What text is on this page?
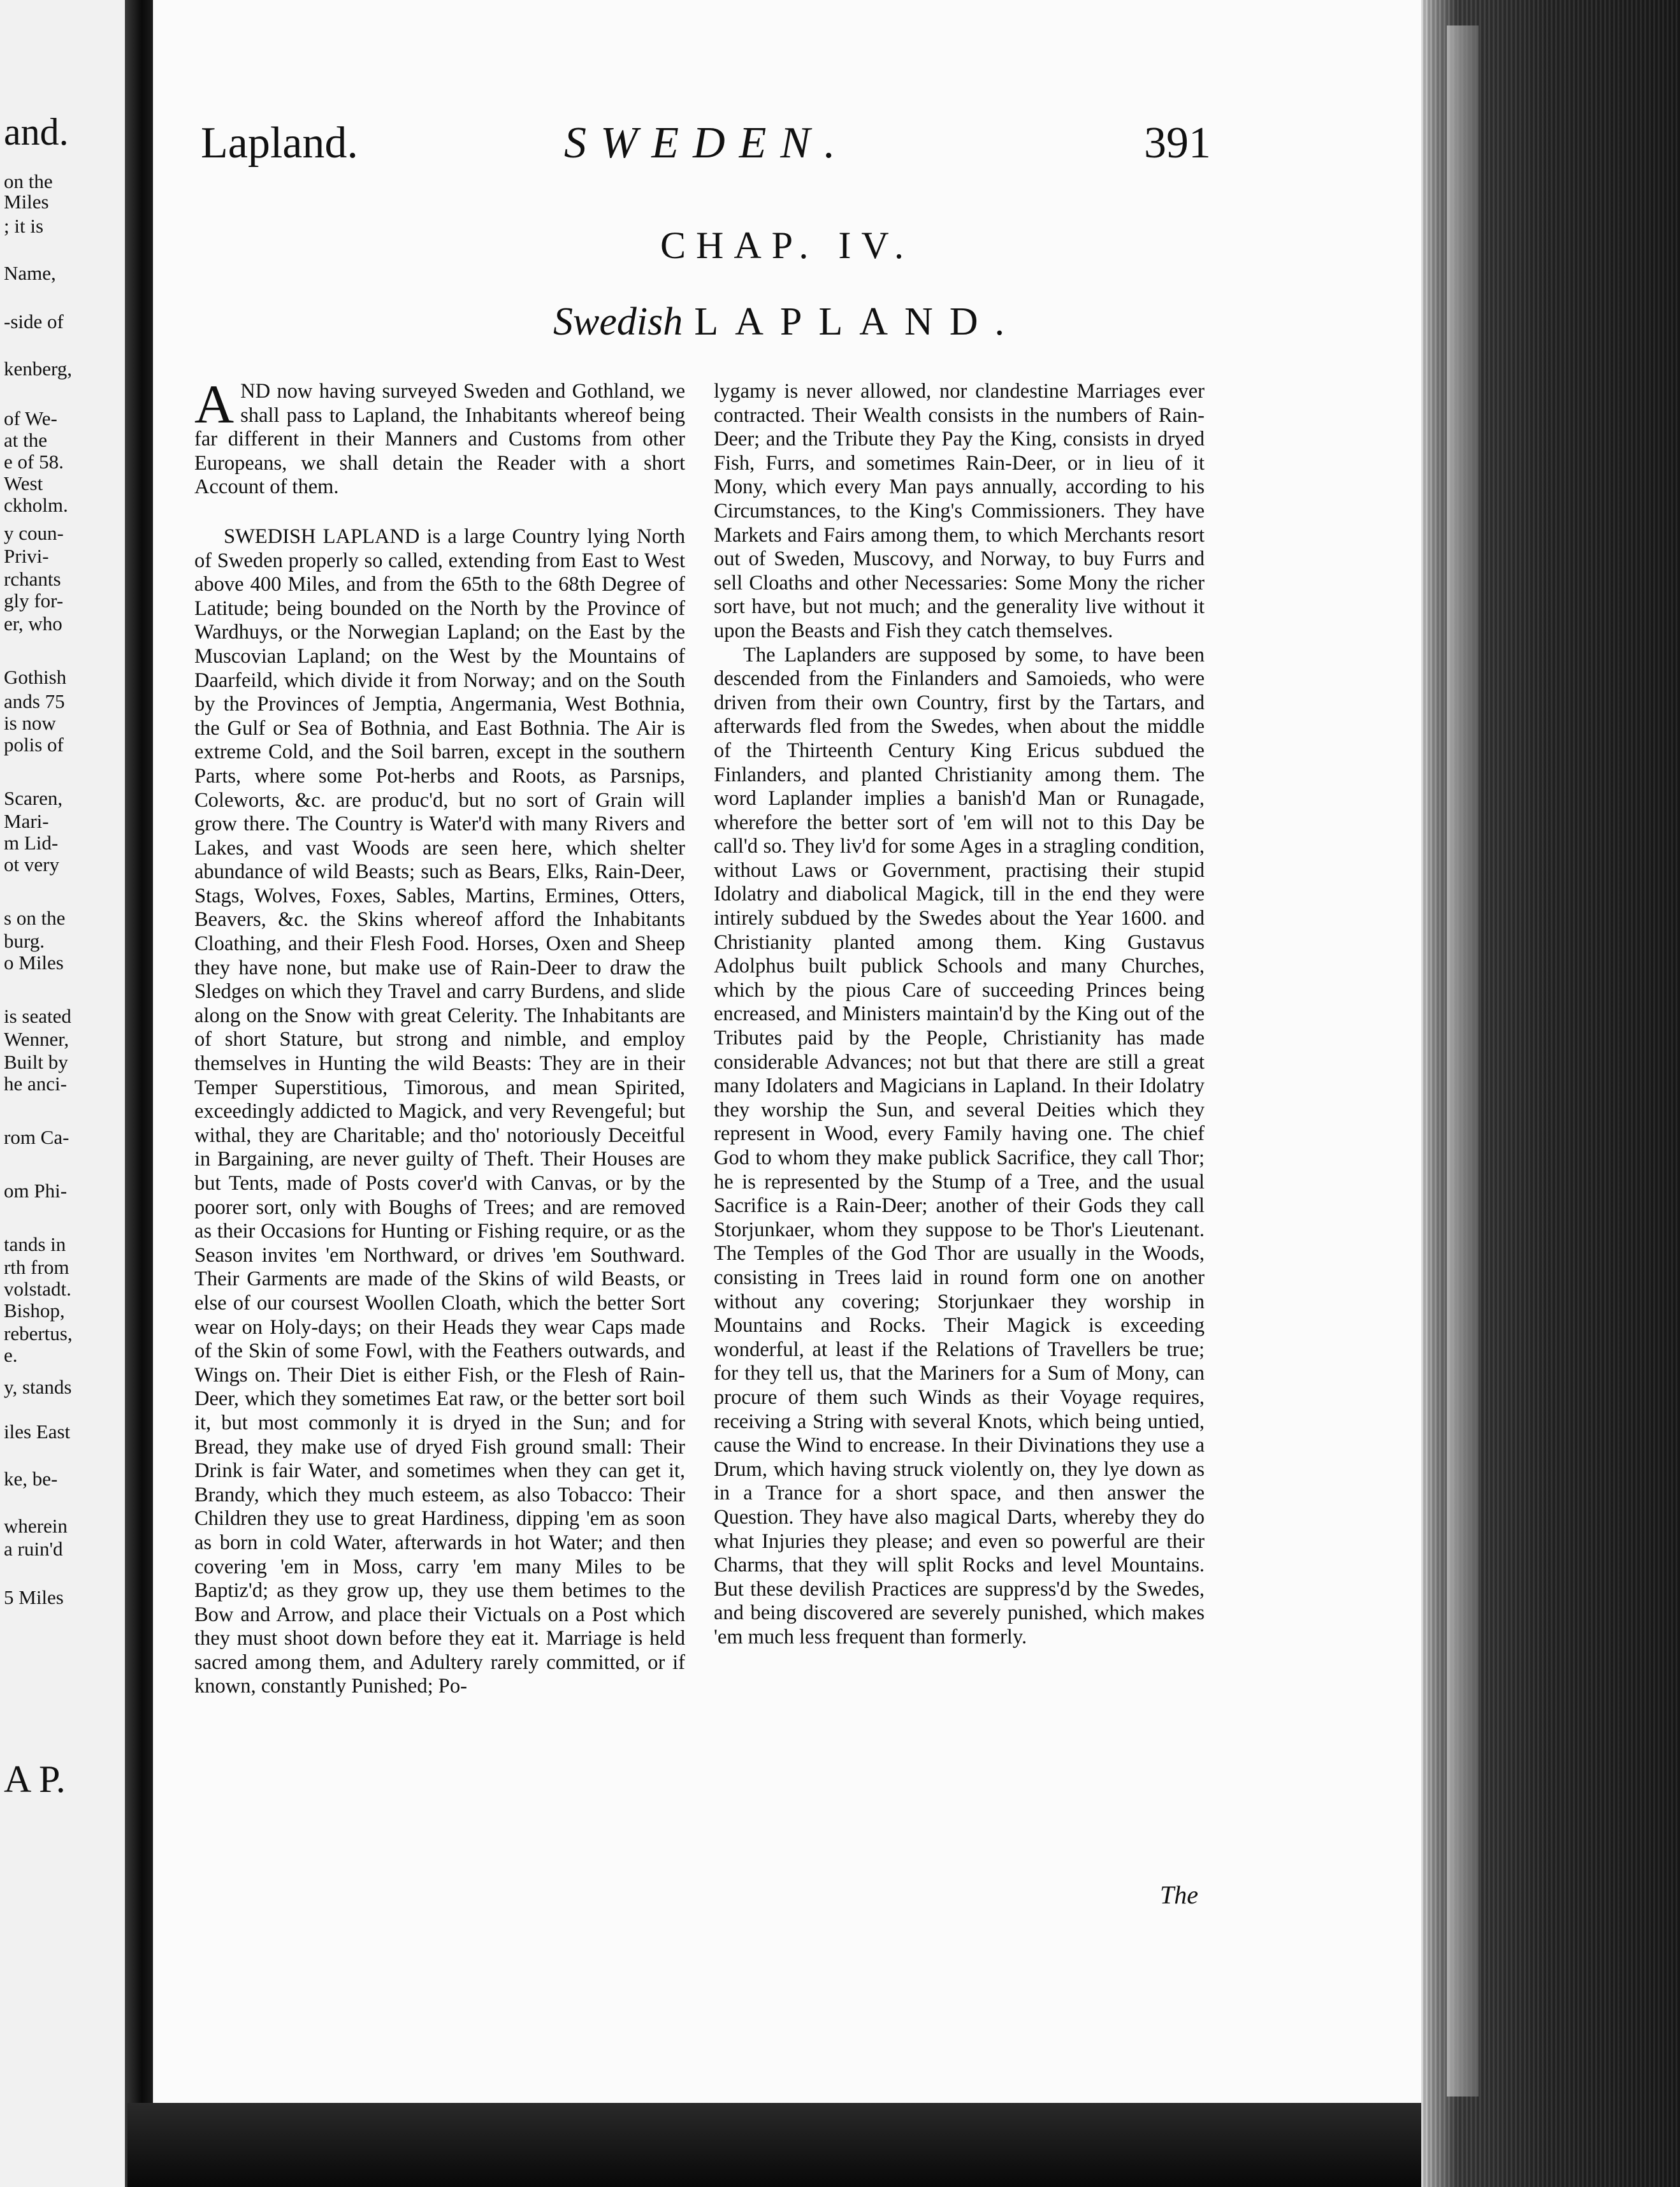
and.
on the
Miles
; it is
Name,
-side of
kenberg,
of We-
at the
e of 58.
West
ckholm.
y coun-
Privi-
rchants
gly for-
er, who
Gothish
ands 75
is now
polis of
Scaren,
Mari-
m Lid-
ot very
s on the
burg.
o Miles
is seated
Wenner,
Built by
he anci-
rom Ca-
om Phi-
tands in
rth from
volstadt.
Bishop,
rebertus,
e.
y, stands
iles East
ke, be-
wherein
a ruin'd
5 Miles
A P.
Lapland.	SWEDEN.	391
CHAP. IV.
Swedish LAPLAND.

AND now having surveyed Sweden and Gothland, we shall pass to Lapland, the Inhabitants whereof being far different in their Manners and Customs from other Europeans, we shall detain the Reader with a short Account of them.

SWEDISH LAPLAND is a large Country lying North of Sweden properly so called, extending from East to West above 400 Miles, and from the 65th to the 68th Degree of Latitude; being bounded on the North by the Province of Wardhuys, or the Norwegian Lapland; on the East by the Muscovian Lapland; on the West by the Mountains of Daarfeild, which divide it from Norway; and on the South by the Provinces of Jemptia, Angermania, West Bothnia, the Gulf or Sea of Bothnia, and East Bothnia. The Air is extreme Cold, and the Soil barren, except in the southern Parts, where some Pot-herbs and Roots, as Parsnips, Coleworts, &c. are produc'd, but no sort of Grain will grow there. The Country is Water'd with many Rivers and Lakes, and vast Woods are seen here, which shelter abundance of wild Beasts; such as Bears, Elks, Rain-Deer, Stags, Wolves, Foxes, Sables, Martins, Ermines, Otters, Beavers, &c. the Skins whereof afford the Inhabitants Cloathing, and their Flesh Food. Horses, Oxen and Sheep they have none, but make use of Rain-Deer to draw the Sledges on which they Travel and carry Burdens, and slide along on the Snow with great Celerity. The Inhabitants are of short Stature, but strong and nimble, and employ themselves in Hunting the wild Beasts: They are in their Temper Superstitious, Timorous, and mean Spirited, exceedingly addicted to Magick, and very Revengeful; but withal, they are Charitable; and tho' notoriously Deceitful in Bargaining, are never guilty of Theft. Their Houses are but Tents, made of Posts cover'd with Canvas, or by the poorer sort, only with Boughs of Trees; and are removed as their Occasions for Hunting or Fishing require, or as the Season invites 'em Northward, or drives 'em Southward. Their Garments are made of the Skins of wild Beasts, or else of our coursest Woollen Cloath, which the better Sort wear on Holy-days; on their Heads they wear Caps made of the Skin of some Fowl, with the Feathers outwards, and Wings on. Their Diet is either Fish, or the Flesh of Rain-Deer, which they sometimes Eat raw, or the better sort boil it, but most commonly it is dryed in the Sun; and for Bread, they make use of dryed Fish ground small: Their Drink is fair Water, and sometimes when they can get it, Brandy, which they much esteem, as also Tobacco: Their Children they use to great Hardiness, dipping 'em as soon as born in cold Water, afterwards in hot Water; and then covering 'em in Moss, carry 'em many Miles to be Baptiz'd; as they grow up, they use them betimes to the Bow and Arrow, and place their Victuals on a Post which they must shoot down before they eat it. Marriage is held sacred among them, and Adultery rarely committed, or if known, constantly Punished; Po-

lygamy is never allowed, nor clandestine Marriages ever contracted. Their Wealth consists in the numbers of Rain-Deer; and the Tribute they Pay the King, consists in dryed Fish, Furrs, and sometimes Rain-Deer, or in lieu of it Mony, which every Man pays annually, according to his Circumstances, to the King's Commissioners. They have Markets and Fairs among them, to which Merchants resort out of Sweden, Muscovy, and Norway, to buy Furrs and sell Cloaths and other Necessaries: Some Mony the richer sort have, but not much; and the generality live without it upon the Beasts and Fish they catch themselves.

The Laplanders are supposed by some, to have been descended from the Finlanders and Samoieds, who were driven from their own Country, first by the Tartars, and afterwards fled from the Swedes, when about the middle of the Thirteenth Century King Ericus subdued the Finlanders, and planted Christianity among them. The word Laplander implies a banish'd Man or Runagade, wherefore the better sort of 'em will not to this Day be call'd so. They liv'd for some Ages in a stragling condition, without Laws or Government, practising their stupid Idolatry and diabolical Magick, till in the end they were intirely subdued by the Swedes about the Year 1600. and Christianity planted among them. King Gustavus Adolphus built publick Schools and many Churches, which by the pious Care of succeeding Princes being encreased, and Ministers maintain'd by the King out of the Tributes paid by the People, Christianity has made considerable Advances; not but that there are still a great many Idolaters and Magicians in Lapland. In their Idolatry they worship the Sun, and several Deities which they represent in Wood, every Family having one. The chief God to whom they make publick Sacrifice, they call Thor; he is represented by the Stump of a Tree, and the usual Sacrifice is a Rain-Deer; another of their Gods they call Storjunkaer, whom they suppose to be Thor's Lieutenant. The Temples of the God Thor are usually in the Woods, consisting in Trees laid in round form one on another without any covering; Storjunkaer they worship in Mountains and Rocks. Their Magick is exceeding wonderful, at least if the Relations of Travellers be true; for they tell us, that the Mariners for a Sum of Mony, can procure of them such Winds as their Voyage requires, receiving a String with several Knots, which being untied, cause the Wind to encrease. In their Divinations they use a Drum, which having struck violently on, they lye down as in a Trance for a short space, and then answer the Question. They have also magical Darts, whereby they do what Injuries they please; and even so powerful are their Charms, that they will split Rocks and level Mountains. But these devilish Practices are suppress'd by the Swedes, and being discovered are severely punished, which makes 'em much less frequent than formerly.

The
